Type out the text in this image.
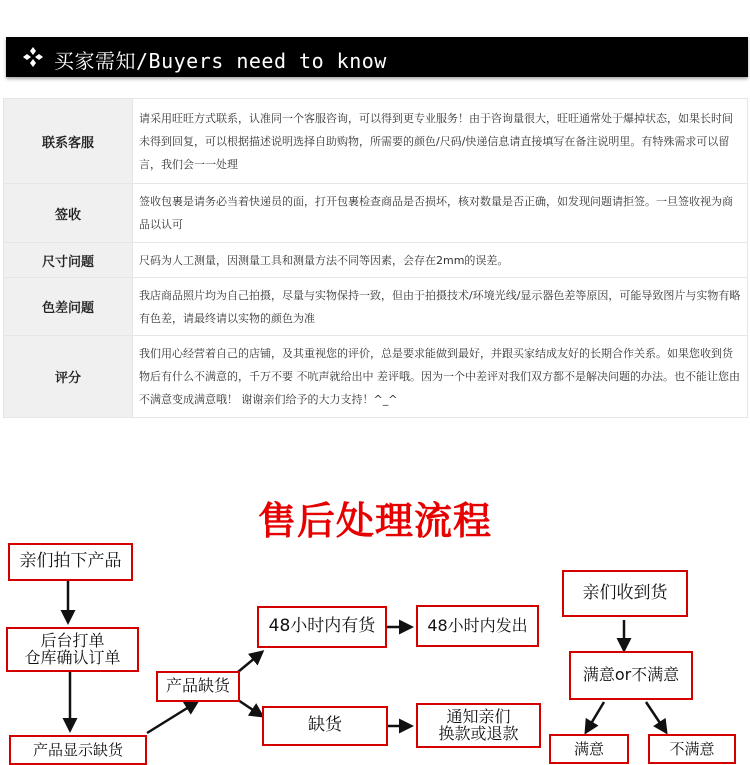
买家需知/Buyers need to know
联系客服	请采用旺旺方式联系，认准同一个客服咨询，可以得到更专业服务！由于咨询量很大，旺旺通常处于爆掉状态，如果长时间未得到回复，可以根据描述说明选择自助购物，所需要的颜色/尺码/快递信息请直接填写在备注说明里。有特殊需求可以留言，我们会一一处理
签收	签收包裹是请务必当着快递员的面，打开包裹检查商品是否损坏，核对数量是否正确，如发现问题请拒签。一旦签收视为商品以认可
尺寸问题	尺码为人工测量，因测量工具和测量方法不同等因素，会存在2mm的误差。
色差问题	我店商品照片均为自己拍摄，尽量与实物保持一致，但由于拍摄技术/环境光线/显示器色差等原因，可能导致图片与实物有略有色差，请最终请以实物的颜色为准
评分	我们用心经营着自己的店铺，及其重视您的评价，总是要求能做到最好，并跟买家结成友好的长期合作关系。如果您收到货物后有什么不满意的，千万不要 不吭声就给出中 差评哦。因为一个中差评对我们双方都不是解决问题的办法。也不能让您由不满意变成满意哦！ 谢谢亲们给予的大力支持！^_^
售后处理流程
亲们拍下产品
后台打单
仓库确认订单
产品显示缺货
产品缺货
48小时内有货	48小时内发出
缺货	通知亲们
换款或退款
亲们收到货
满意or不满意
满意	不满意
